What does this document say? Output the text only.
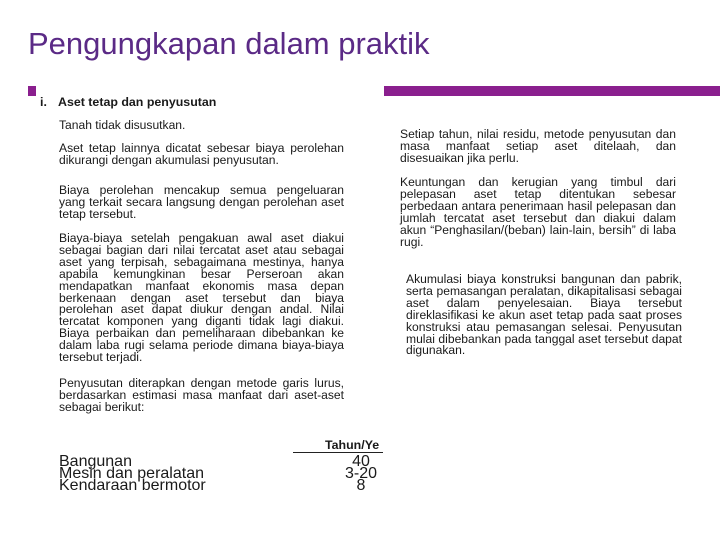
Pengungkapan dalam praktik
i. Aset tetap dan penyusutan
Tanah tidak disusutkan.
Aset tetap lainnya dicatat sebesar biaya perolehan dikurangi dengan akumulasi penyusutan.
Biaya perolehan mencakup semua pengeluaran yang terkait secara langsung dengan perolehan aset tetap tersebut.
Biaya-biaya setelah pengakuan awal aset diakui sebagai bagian dari nilai tercatat aset atau sebagai aset yang terpisah, sebagaimana mestinya, hanya apabila kemungkinan besar Perseroan akan mendapatkan manfaat ekonomis masa depan berkenaan dengan aset tersebut dan biaya perolehan aset dapat diukur dengan andal. Nilai tercatat komponen yang diganti tidak lagi diakui. Biaya perbaikan dan pemeliharaan dibebankan ke dalam laba rugi selama periode dimana biaya-biaya tersebut terjadi.
Penyusutan diterapkan dengan metode garis lurus, berdasarkan estimasi masa manfaat dari aset-aset sebagai berikut:
Setiap tahun, nilai residu, metode penyusutan dan masa manfaat setiap aset ditelaah, dan disesuaikan jika perlu.
Keuntungan dan kerugian yang timbul dari pelepasan aset tetap ditentukan sebesar perbedaan antara penerimaan hasil pelepasan dan jumlah tercatat aset tersebut dan diakui dalam akun “Penghasilan/(beban) lain-lain, bersih” di laba rugi.
Akumulasi biaya konstruksi bangunan dan pabrik, serta pemasangan peralatan, dikapitalisasi sebagai aset dalam penyelesaian. Biaya tersebut direklasifikasi ke akun aset tetap pada saat proses konstruksi atau pemasangan selesai. Penyusutan mulai dibebankan pada tanggal aset tersebut dapat digunakan.
Tahun/Ye
Bangunan	40
Mesin dan peralatan	3-20
Kendaraan bermotor	8
